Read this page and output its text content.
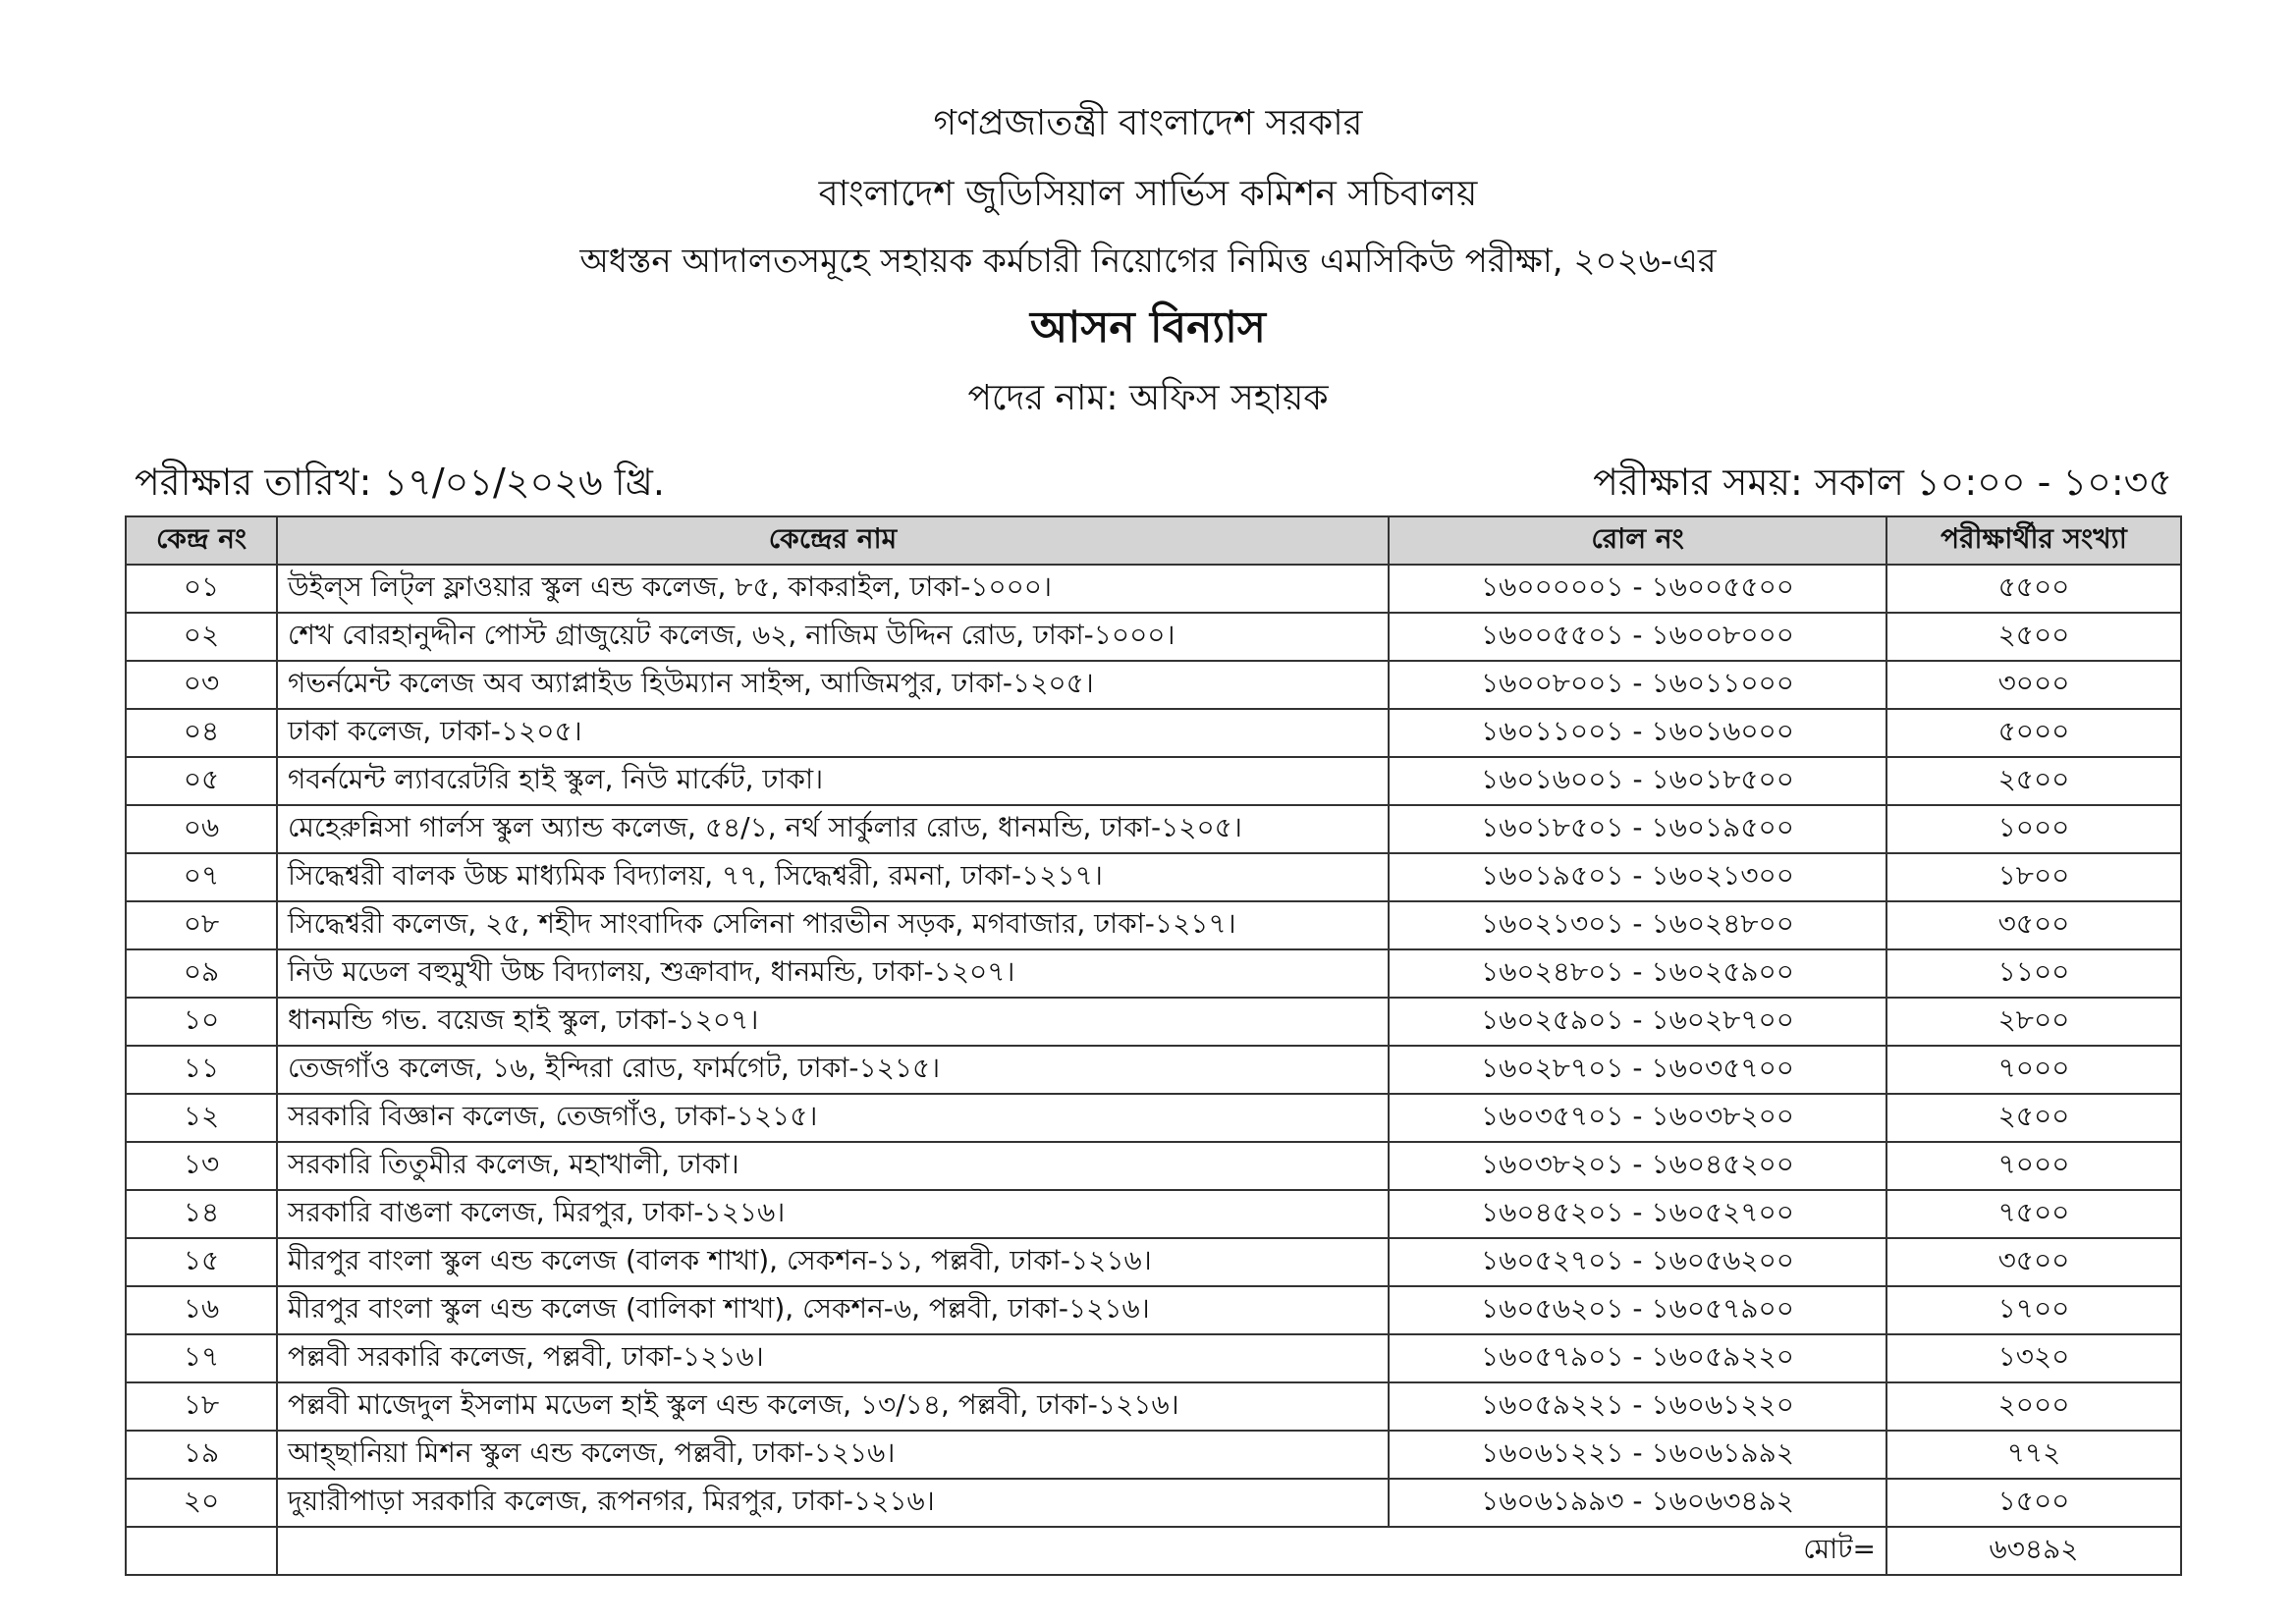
গণপ্রজাতন্ত্রী বাংলাদেশ সরকার
বাংলাদেশ জুডিসিয়াল সার্ভিস কমিশন সচিবালয়
অধস্তন আদালতসমূহে সহায়ক কর্মচারী নিয়োগের নিমিত্ত এমসিকিউ পরীক্ষা, ২০২৬-এর
আসন বিন্যাস
পদের নাম: অফিস সহায়ক
পরীক্ষার তারিখ: ১৭/০১/২০২৬ খ্রি.	পরীক্ষার সময়: সকাল ১০:০০ - ১০:৩৫
কেন্দ্র নং	কেন্দ্রের নাম	রোল নং	পরীক্ষার্থীর সংখ্যা
০১	উইল্‌স লিট্‌ল ফ্লাওয়ার স্কুল এন্ড কলেজ, ৮৫, কাকরাইল, ঢাকা-১০০০।	১৬০০০০০১ - ১৬০০৫৫০০	৫৫০০
০২	শেখ বোরহানুদ্দীন পোস্ট গ্রাজুয়েট কলেজ, ৬২, নাজিম উদ্দিন রোড, ঢাকা-১০০০।	১৬০০৫৫০১ - ১৬০০৮০০০	২৫০০
০৩	গভর্নমেন্ট কলেজ অব অ্যাপ্লাইড হিউম্যান সাইন্স, আজিমপুর, ঢাকা-১২০৫।	১৬০০৮০০১ - ১৬০১১০০০	৩০০০
০৪	ঢাকা কলেজ, ঢাকা-১২০৫।	১৬০১১০০১ - ১৬০১৬০০০	৫০০০
০৫	গবর্নমেন্ট ল্যাবরেটরি হাই স্কুল, নিউ মার্কেট, ঢাকা।	১৬০১৬০০১ - ১৬০১৮৫০০	২৫০০
০৬	মেহেরুন্নিসা গার্লস স্কুল অ্যান্ড কলেজ, ৫৪/১, নর্থ সার্কুলার রোড, ধানমন্ডি, ঢাকা-১২০৫।	১৬০১৮৫০১ - ১৬০১৯৫০০	১০০০
০৭	সিদ্ধেশ্বরী বালক উচ্চ মাধ্যমিক বিদ্যালয়, ৭৭, সিদ্ধেশ্বরী, রমনা, ঢাকা-১২১৭।	১৬০১৯৫০১ - ১৬০২১৩০০	১৮০০
০৮	সিদ্ধেশ্বরী কলেজ, ২৫, শহীদ সাংবাদিক সেলিনা পারভীন সড়ক, মগবাজার, ঢাকা-১২১৭।	১৬০২১৩০১ - ১৬০২৪৮০০	৩৫০০
০৯	নিউ মডেল বহুমুখী উচ্চ বিদ্যালয়, শুক্রাবাদ, ধানমন্ডি, ঢাকা-১২০৭।	১৬০২৪৮০১ - ১৬০২৫৯০০	১১০০
১০	ধানমন্ডি গভ. বয়েজ হাই স্কুল, ঢাকা-১২০৭।	১৬০২৫৯০১ - ১৬০২৮৭০০	২৮০০
১১	তেজগাঁও কলেজ, ১৬, ইন্দিরা রোড, ফার্মগেট, ঢাকা-১২১৫।	১৬০২৮৭০১ - ১৬০৩৫৭০০	৭০০০
১২	সরকারি বিজ্ঞান কলেজ, তেজগাঁও, ঢাকা-১২১৫।	১৬০৩৫৭০১ - ১৬০৩৮২০০	২৫০০
১৩	সরকারি তিতুমীর কলেজ, মহাখালী, ঢাকা।	১৬০৩৮২০১ - ১৬০৪৫২০০	৭০০০
১৪	সরকারি বাঙলা কলেজ, মিরপুর, ঢাকা-১২১৬।	১৬০৪৫২০১ - ১৬০৫২৭০০	৭৫০০
১৫	মীরপুর বাংলা স্কুল এন্ড কলেজ (বালক শাখা), সেকশন-১১, পল্লবী, ঢাকা-১২১৬।	১৬০৫২৭০১ - ১৬০৫৬২০০	৩৫০০
১৬	মীরপুর বাংলা স্কুল এন্ড কলেজ (বালিকা শাখা), সেকশন-৬, পল্লবী, ঢাকা-১২১৬।	১৬০৫৬২০১ - ১৬০৫৭৯০০	১৭০০
১৭	পল্লবী সরকারি কলেজ, পল্লবী, ঢাকা-১২১৬।	১৬০৫৭৯০১ - ১৬০৫৯২২০	১৩২০
১৮	পল্লবী মাজেদুল ইসলাম মডেল হাই স্কুল এন্ড কলেজ, ১৩/১৪, পল্লবী, ঢাকা-১২১৬।	১৬০৫৯২২১ - ১৬০৬১২২০	২০০০
১৯	আহ্‌ছানিয়া মিশন স্কুল এন্ড কলেজ, পল্লবী, ঢাকা-১২১৬।	১৬০৬১২২১ - ১৬০৬১৯৯২	৭৭২
২০	দুয়ারীপাড়া সরকারি কলেজ, রূপনগর, মিরপুর, ঢাকা-১২১৬।	১৬০৬১৯৯৩ - ১৬০৬৩৪৯২	১৫০০
	মোট=		৬৩৪৯২
